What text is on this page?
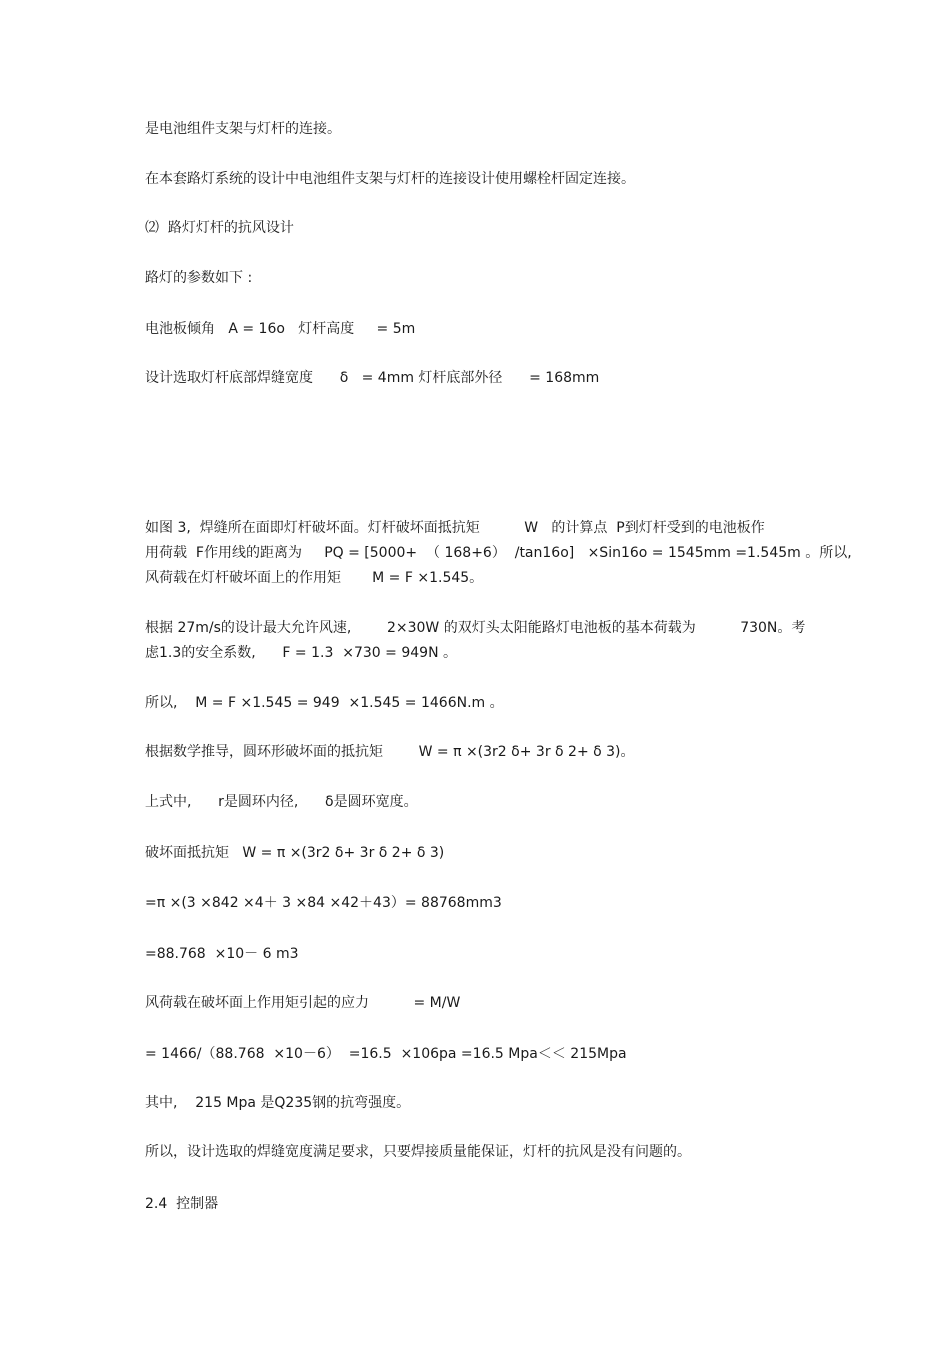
是电池组件支架与灯杆的连接。
在本套路灯系统的设计中电池组件支架与灯杆的连接设计使用螺栓杆固定连接。
⑵  路灯灯杆的抗风设计
路灯的参数如下 :
电池板倾角   A = 16o   灯杆高度     = 5m
设计选取灯杆底部焊缝宽度      δ   = 4mm 灯杆底部外径      = 168mm
如图 3,  焊缝所在面即灯杆破坏面。灯杆破坏面抵抗矩          W   的计算点  P到灯杆受到的电池板作
用荷载  F作用线的距离为     PQ = [5000+  （ 168+6）  /tan16o]   ×Sin16o = 1545mm =1.545m 。所以,
风荷载在灯杆破坏面上的作用矩       M = F ×1.545。
根据 27m/s的设计最大允许风速,        2×30W 的双灯头太阳能路灯电池板的基本荷载为          730N。考
虑1.3的安全系数,      F = 1.3  ×730 = 949N 。
所以,    M = F ×1.545 = 949  ×1.545 = 1466N.m 。
根据数学推导，圆环形破坏面的抵抗矩        W = π ×(3r2 δ+ 3r δ 2+ δ 3)。
上式中,      r是圆环内径,      δ是圆环宽度。
破坏面抵抗矩   W = π ×(3r2 δ+ 3r δ 2+ δ 3)
=π ×(3 ×842 ×4＋ 3 ×84 ×42＋43）= 88768mm3
=88.768  ×10－ 6 m3
风荷载在破坏面上作用矩引起的应力          = M/W
= 1466/（88.768  ×10－6）  =16.5  ×106pa =16.5 Mpa＜＜ 215Mpa
其中,    215 Mpa 是Q235钢的抗弯强度。
所以，设计选取的焊缝宽度满足要求，只要焊接质量能保证，灯杆的抗风是没有问题的。
2.4  控制器
